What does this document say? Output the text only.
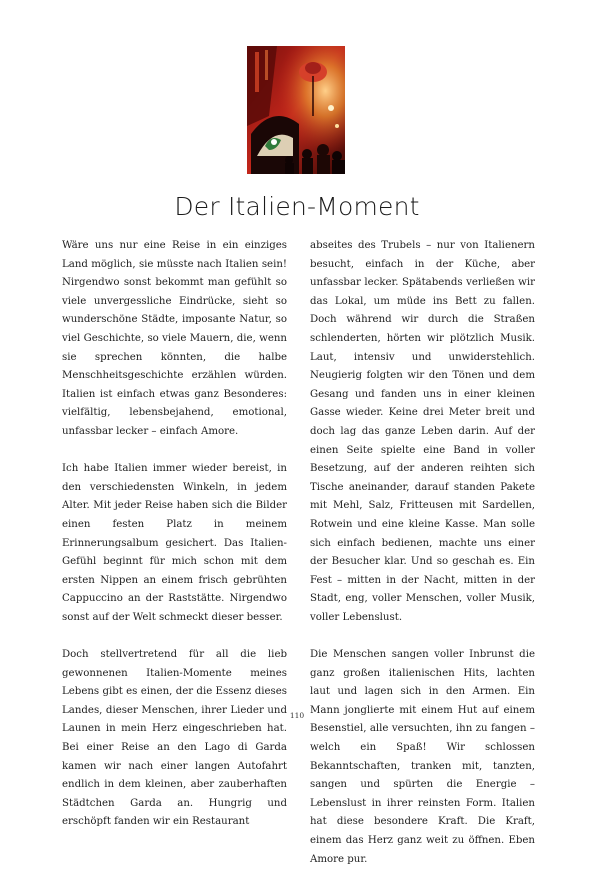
Der Italien-Moment

Wäre uns nur eine Reise in ein einziges Land möglich, sie müsste nach Italien sein! Nirgendwo sonst bekommt man gefühlt so viele unvergessliche Eindrücke, sieht so wunderschöne Städte, imposante Natur, so viel Geschichte, so viele Mauern, die, wenn sie sprechen könnten, die halbe Menschheitsgeschichte erzählen würden. Italien ist einfach etwas ganz Besonderes: vielfältig, lebensbejahend, emotional, unfassbar lecker – einfach Amore.

Ich habe Italien immer wieder bereist, in den verschiedensten Winkeln, in jedem Alter. Mit jeder Reise haben sich die Bilder einen festen Platz in meinem Erinnerungsalbum gesichert. Das Italien-Gefühl beginnt für mich schon mit dem ersten Nippen an einem frisch gebrühten Cappuccino an der Raststätte. Nirgendwo sonst auf der Welt schmeckt dieser besser.

Doch stellvertretend für all die lieb gewonnenen Italien-Momente meines Lebens gibt es einen, der die Essenz dieses Landes, dieser Menschen, ihrer Lieder und Launen in mein Herz eingeschrieben hat. Bei einer Reise an den Lago di Garda kamen wir nach einer langen Autofahrt endlich in dem kleinen, aber zauberhaften Städtchen Garda an. Hungrig und erschöpft fanden wir ein Restaurant

abseites des Trubels – nur von Italienern besucht, einfach in der Küche, aber unfassbar lecker. Spätabends verließen wir das Lokal, um müde ins Bett zu fallen. Doch während wir durch die Straßen schlenderten, hörten wir plötzlich Musik. Laut, intensiv und unwiderstehlich. Neugierig folgten wir den Tönen und dem Gesang und fanden uns in einer kleinen Gasse wieder. Keine drei Meter breit und doch lag das ganze Leben darin. Auf der einen Seite spielte eine Band in voller Besetzung, auf der anderen reihten sich Tische aneinander, darauf standen Pakete mit Mehl, Salz, Fritteusen mit Sardellen, Rotwein und eine kleine Kasse. Man solle sich einfach bedienen, machte uns einer der Besucher klar. Und so geschah es. Ein Fest – mitten in der Nacht, mitten in der Stadt, eng, voller Menschen, voller Musik, voller Lebenslust.

Die Menschen sangen voller Inbrunst die ganz großen italienischen Hits, lachten laut und lagen sich in den Armen. Ein Mann jonglierte mit einem Hut auf einem Besenstiel, alle versuchten, ihn zu fangen – welch ein Spaß! Wir schlossen Bekanntschaften, tranken mit, tanzten, sangen und spürten die Energie – Lebenslust in ihrer reinsten Form. Italien hat diese besondere Kraft. Die Kraft, einem das Herz ganz weit zu öffnen. Eben Amore pur.

110
